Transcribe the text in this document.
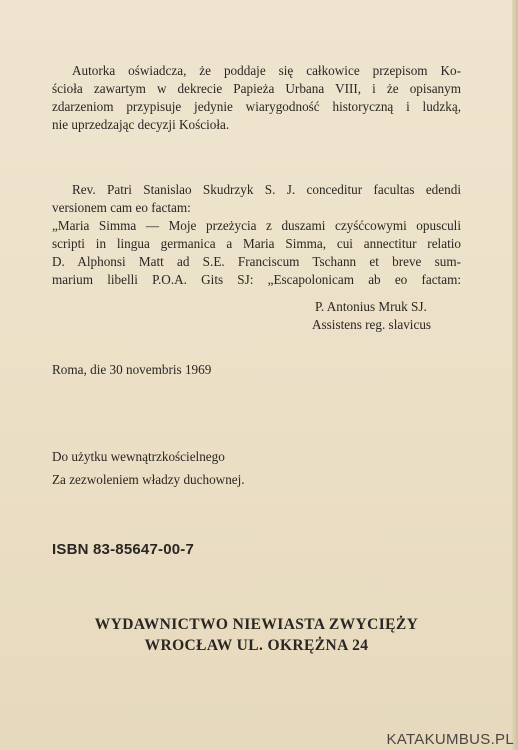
Autorka oświadcza, że poddaje się całkowice przepisom Ko-
ścioła zawartym w dekrecie Papieża Urbana VIII, i że opisanym
zdarzeniom przypisuje jedynie wiarygodność historyczną i ludzką,
nie uprzedzając decyzji Kościoła.
Rev. Patri Stanislao Skudrzyk S. J. conceditur facultas edendi
versionem cam eo factam:
„Maria Simma — Moje przeżycia z duszami czyśćcowymi opusculi
scripti in lingua germanica a Maria Simma, cui annectitur relatio
D. Alphonsi Matt ad S.E. Franciscum Tschann et breve sum-
marium libelli P.O.A. Gits SJ: „Escapolonicam ab eo factam:
P. Antonius Mruk SJ.
Assistens reg. slavicus
Roma, die 30 novembris 1969
Do użytku wewnątrzkościelnego
Za zezwoleniem władzy duchownej.
ISBN 83-85647-00-7
WYDAWNICTWO NIEWIASTA ZWYCIĘŻY
WROCŁAW UL. OKRĘŻNA 24
KATAKUMBUS.PL
